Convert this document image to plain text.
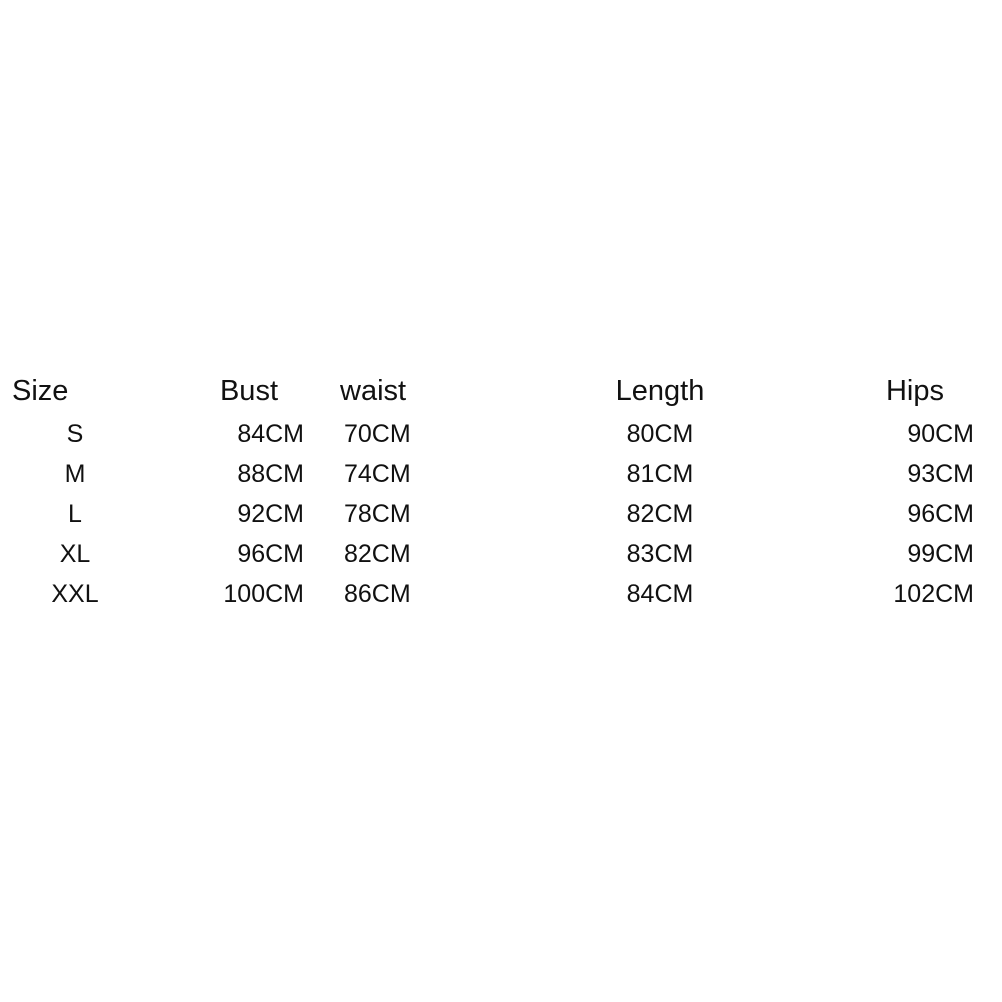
Size	Bust	waist	Length	Hips
S	84CM	70CM	80CM	90CM
M	88CM	74CM	81CM	93CM
L	92CM	78CM	82CM	96CM
XL	96CM	82CM	83CM	99CM
XXL	100CM	86CM	84CM	102CM
